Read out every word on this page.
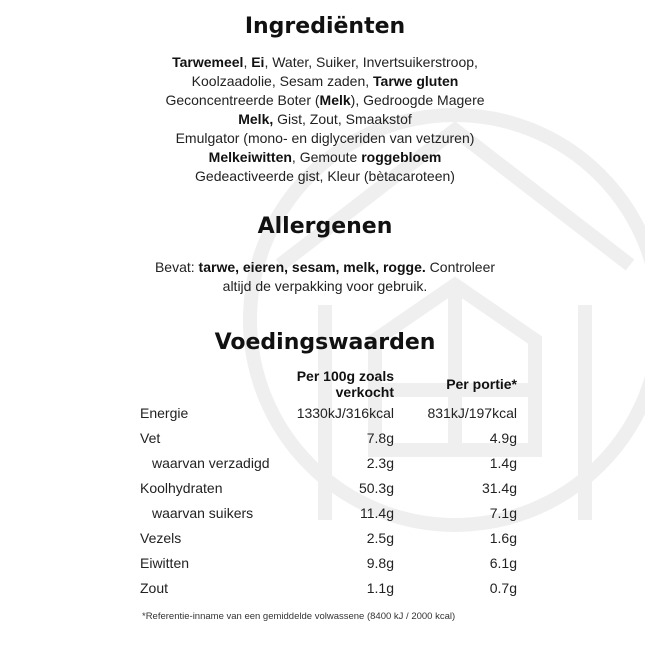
Ingrediënten
Tarwemeel, Ei, Water, Suiker, Invertsuikerstroop,
Koolzaadolie, Sesam zaden, Tarwe gluten
Geconcentreerde Boter (Melk), Gedroogde Magere
Melk, Gist, Zout, Smaakstof
Emulgator (mono- en diglyceriden van vetzuren)
Melkeiwitten, Gemoute roggebloem
Gedeactiveerde gist, Kleur (bètacaroteen)
Allergenen
Bevat: tarwe, eieren, sesam, melk, rogge. Controleer
altijd de verpakking voor gebruik.
Voedingswaarden
	Per 100g zoals verkocht	Per portie*
Energie	1330kJ/316kcal	831kJ/197kcal
Vet	7.8g	4.9g
waarvan verzadigd	2.3g	1.4g
Koolhydraten	50.3g	31.4g
waarvan suikers	11.4g	7.1g
Vezels	2.5g	1.6g
Eiwitten	9.8g	6.1g
Zout	1.1g	0.7g
*Referentie-inname van een gemiddelde volwassene (8400 kJ / 2000 kcal)
